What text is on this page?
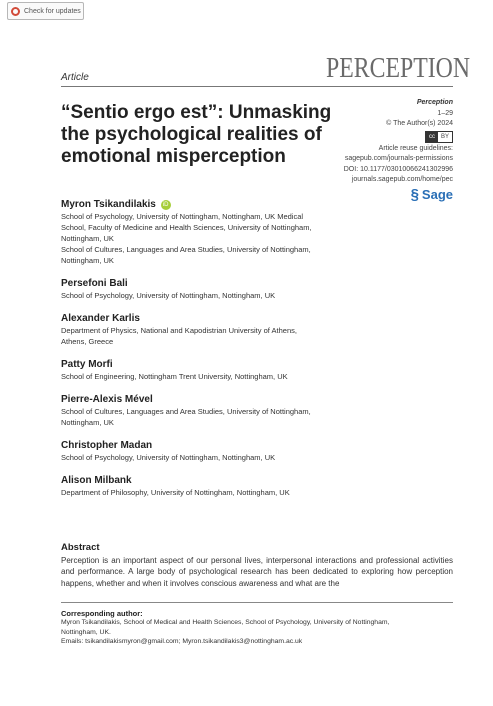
Check for updates
Article	PERCEPTION
“Sentio ergo est”: Unmasking the psychological realities of emotional misperception
Perception
1–29
© The Author(s) 2024
cc	BY
Article reuse guidelines:
sagepub.com/journals-permissions
DOI: 10.1177/03010066241302996
journals.sagepub.com/home/pec
§ Sage
Myron Tsikandilakis iD
School of Psychology, University of Nottingham, Nottingham, UK Medical
School, Faculty of Medicine and Health Sciences, University of Nottingham,
Nottingham, UK
School of Cultures, Languages and Area Studies, University of Nottingham,
Nottingham, UK
Persefoni Bali
School of Psychology, University of Nottingham, Nottingham, UK
Alexander Karlis
Department of Physics, National and Kapodistrian University of Athens,
Athens, Greece
Patty Morfi
School of Engineering, Nottingham Trent University, Nottingham, UK
Pierre-Alexis Mével
School of Cultures, Languages and Area Studies, University of Nottingham,
Nottingham, UK
Christopher Madan
School of Psychology, University of Nottingham, Nottingham, UK
Alison Milbank
Department of Philosophy, University of Nottingham, Nottingham, UK
Abstract
Perception is an important aspect of our personal lives, interpersonal interactions and professional activities and performance. A large body of psychological research has been dedicated to exploring how perception happens, whether and when it involves conscious awareness and what are the
Corresponding author:
Myron Tsikandilakis, School of Medical and Health Sciences, School of Psychology, University of Nottingham,
Nottingham, UK.
Emails: tsikandilakismyron@gmail.com; Myron.tsikandilakis3@nottingham.ac.uk
